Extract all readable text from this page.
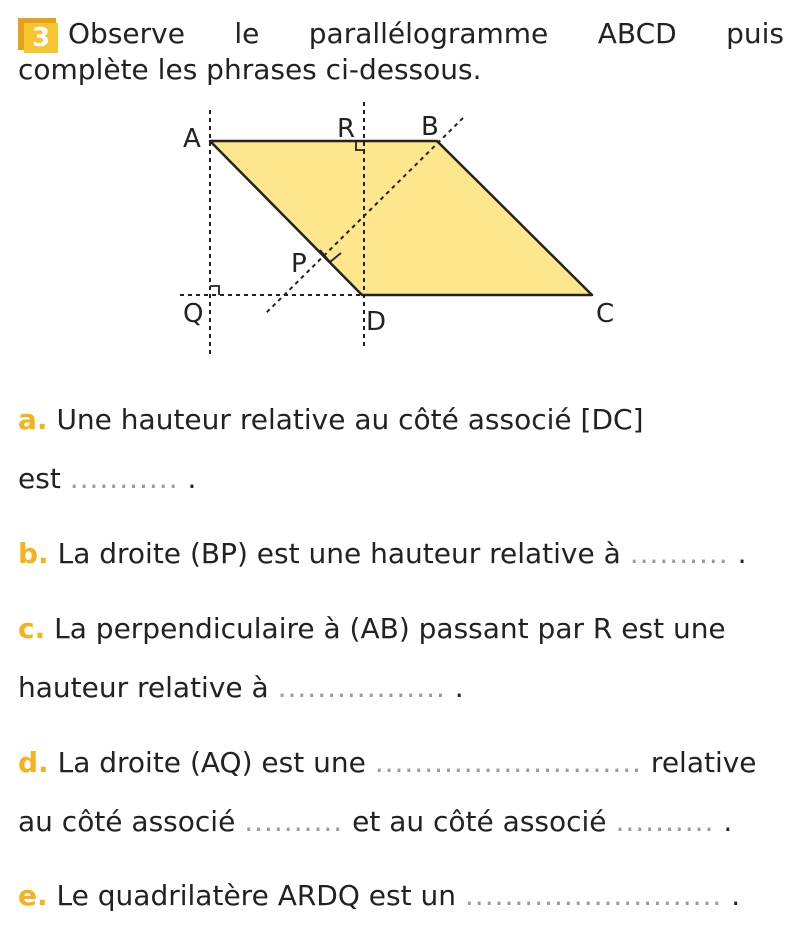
3 Observe le parallélogramme ABCD puis
complète les phrases ci-dessous.
A	B
C
D
P
Q
R
a. Une hauteur relative au côté associé [DC]
est ........... .
b. La droite (BP) est une hauteur relative à .......... .
c. La perpendiculaire à (AB) passant par R est une
hauteur relative à ................. .
d. La droite (AQ) est une ........................... relative
au côté associé .......... et au côté associé .......... .
e. Le quadrilatère ARDQ est un .......................... .
